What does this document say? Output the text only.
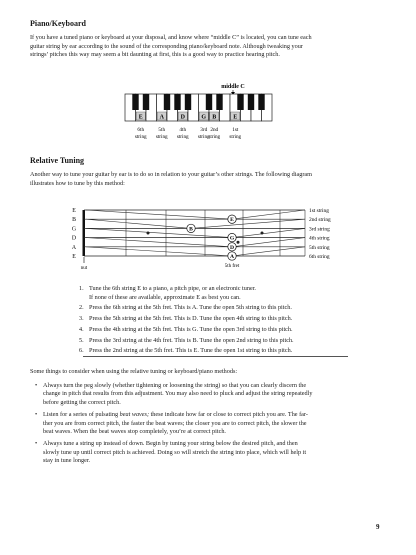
Piano/Keyboard
If you have a tuned piano or keyboard at your disposal, and know where “middle C” is located, you can tune each
guitar string by ear according to the sound of the corresponding piano/keyboard note. Although tweaking your
strings’ pitches this way may seem a bit daunting at first, this is a good way to practice hearing pitch.
middle C
E
6th
string
A
5th
string
D
4th
string
G
3rd
string
B
2nd
string
E
1st
string
Relative Tuning
Another way to tune your guitar by ear is to do so in relation to your guitar’s other strings. The following diagram
illustrates how to tune by this method:
E
B
G
D
A
E
E
B
G
D
A
1st string
2nd string
3rd string
4th string
5th string
6th string
nut	5th fret
1. Tune the 6th string E to a piano, a pitch pipe, or an electronic tuner.
If none of these are available, approximate E as best you can.
2. Press the 6th string at the 5th fret. This is A. Tune the open 5th string to this pitch.
3. Press the 5th string at the 5th fret. This is D. Tune the open 4th string to this pitch.
4. Press the 4th string at the 5th fret. This is G. Tune the open 3rd string to this pitch.
5. Press the 3rd string at the 4th fret. This is B. Tune the open 2nd string to this pitch.
6. Press the 2nd string at the 5th fret. This is E. Tune the open 1st string to this pitch.
Some things to consider when using the relative tuning or keyboard/piano methods:
• Always turn the peg slowly (whether tightening or loosening the string) so that you can clearly discern the
change in pitch that results from this adjustment. You may also need to pluck and adjust the string repeatedly
before getting the correct pitch.
• Listen for a series of pulsating beat waves; these indicate how far or close to correct pitch you are. The far-
ther you are from correct pitch, the faster the beat waves; the closer you are to correct pitch, the slower the
beat waves. When the beat waves stop completely, you’re at correct pitch.
• Always tune a string up instead of down. Begin by tuning your string below the desired pitch, and then
slowly tune up until correct pitch is achieved. Doing so will stretch the string into place, which will help it
stay in tune longer.
9
